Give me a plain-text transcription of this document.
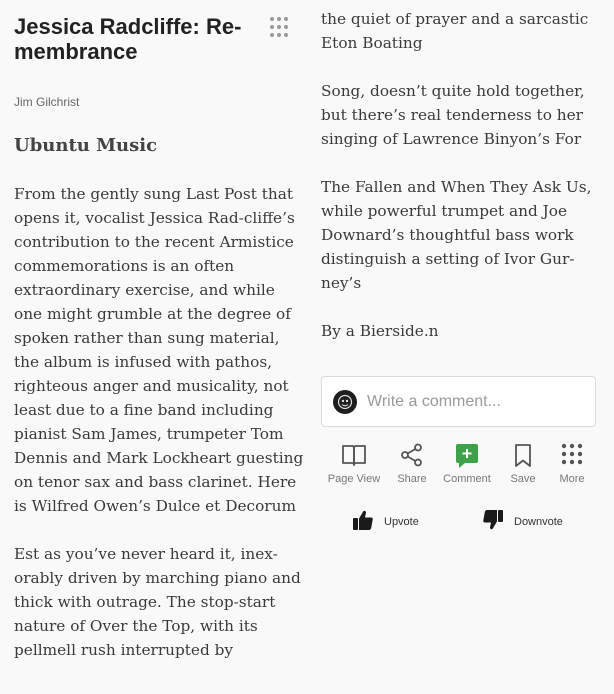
Jessica Radcliffe: Re-membrance
Jim Gilchrist
Ubuntu Music

From the gently sung Last Post that opens it, vocalist Jessica Rad-cliffe’s contribution to the recent Armistice commemorations is an often extraordinary exercise, and while one might grumble at the degree of spoken rather than sung material, the album is infused with pathos, righteous anger and musicality, not least due to a fine band including pianist Sam James, trumpeter Tom Dennis and Mark Lockheart guesting on tenor sax and bass clarinet. Here is Wilfred Owen’s Dulce et Decorum

Est as you’ve never heard it, inex-orably driven by marching piano and thick with outrage. The stop-start nature of Over the Top, with its pellmell rush interrupted by

the quiet of prayer and a sarcastic Eton Boating

Song, doesn’t quite hold together, but there’s real tenderness to her singing of Lawrence Binyon’s For

The Fallen and When They Ask Us, while powerful trumpet and Joe Downard’s thoughtful bass work distinguish a setting of Ivor Gur-ney’s

By a Bierside.n

Write a comment...
Page View	Share	Comment	Save	More
Upvote	Downvote
